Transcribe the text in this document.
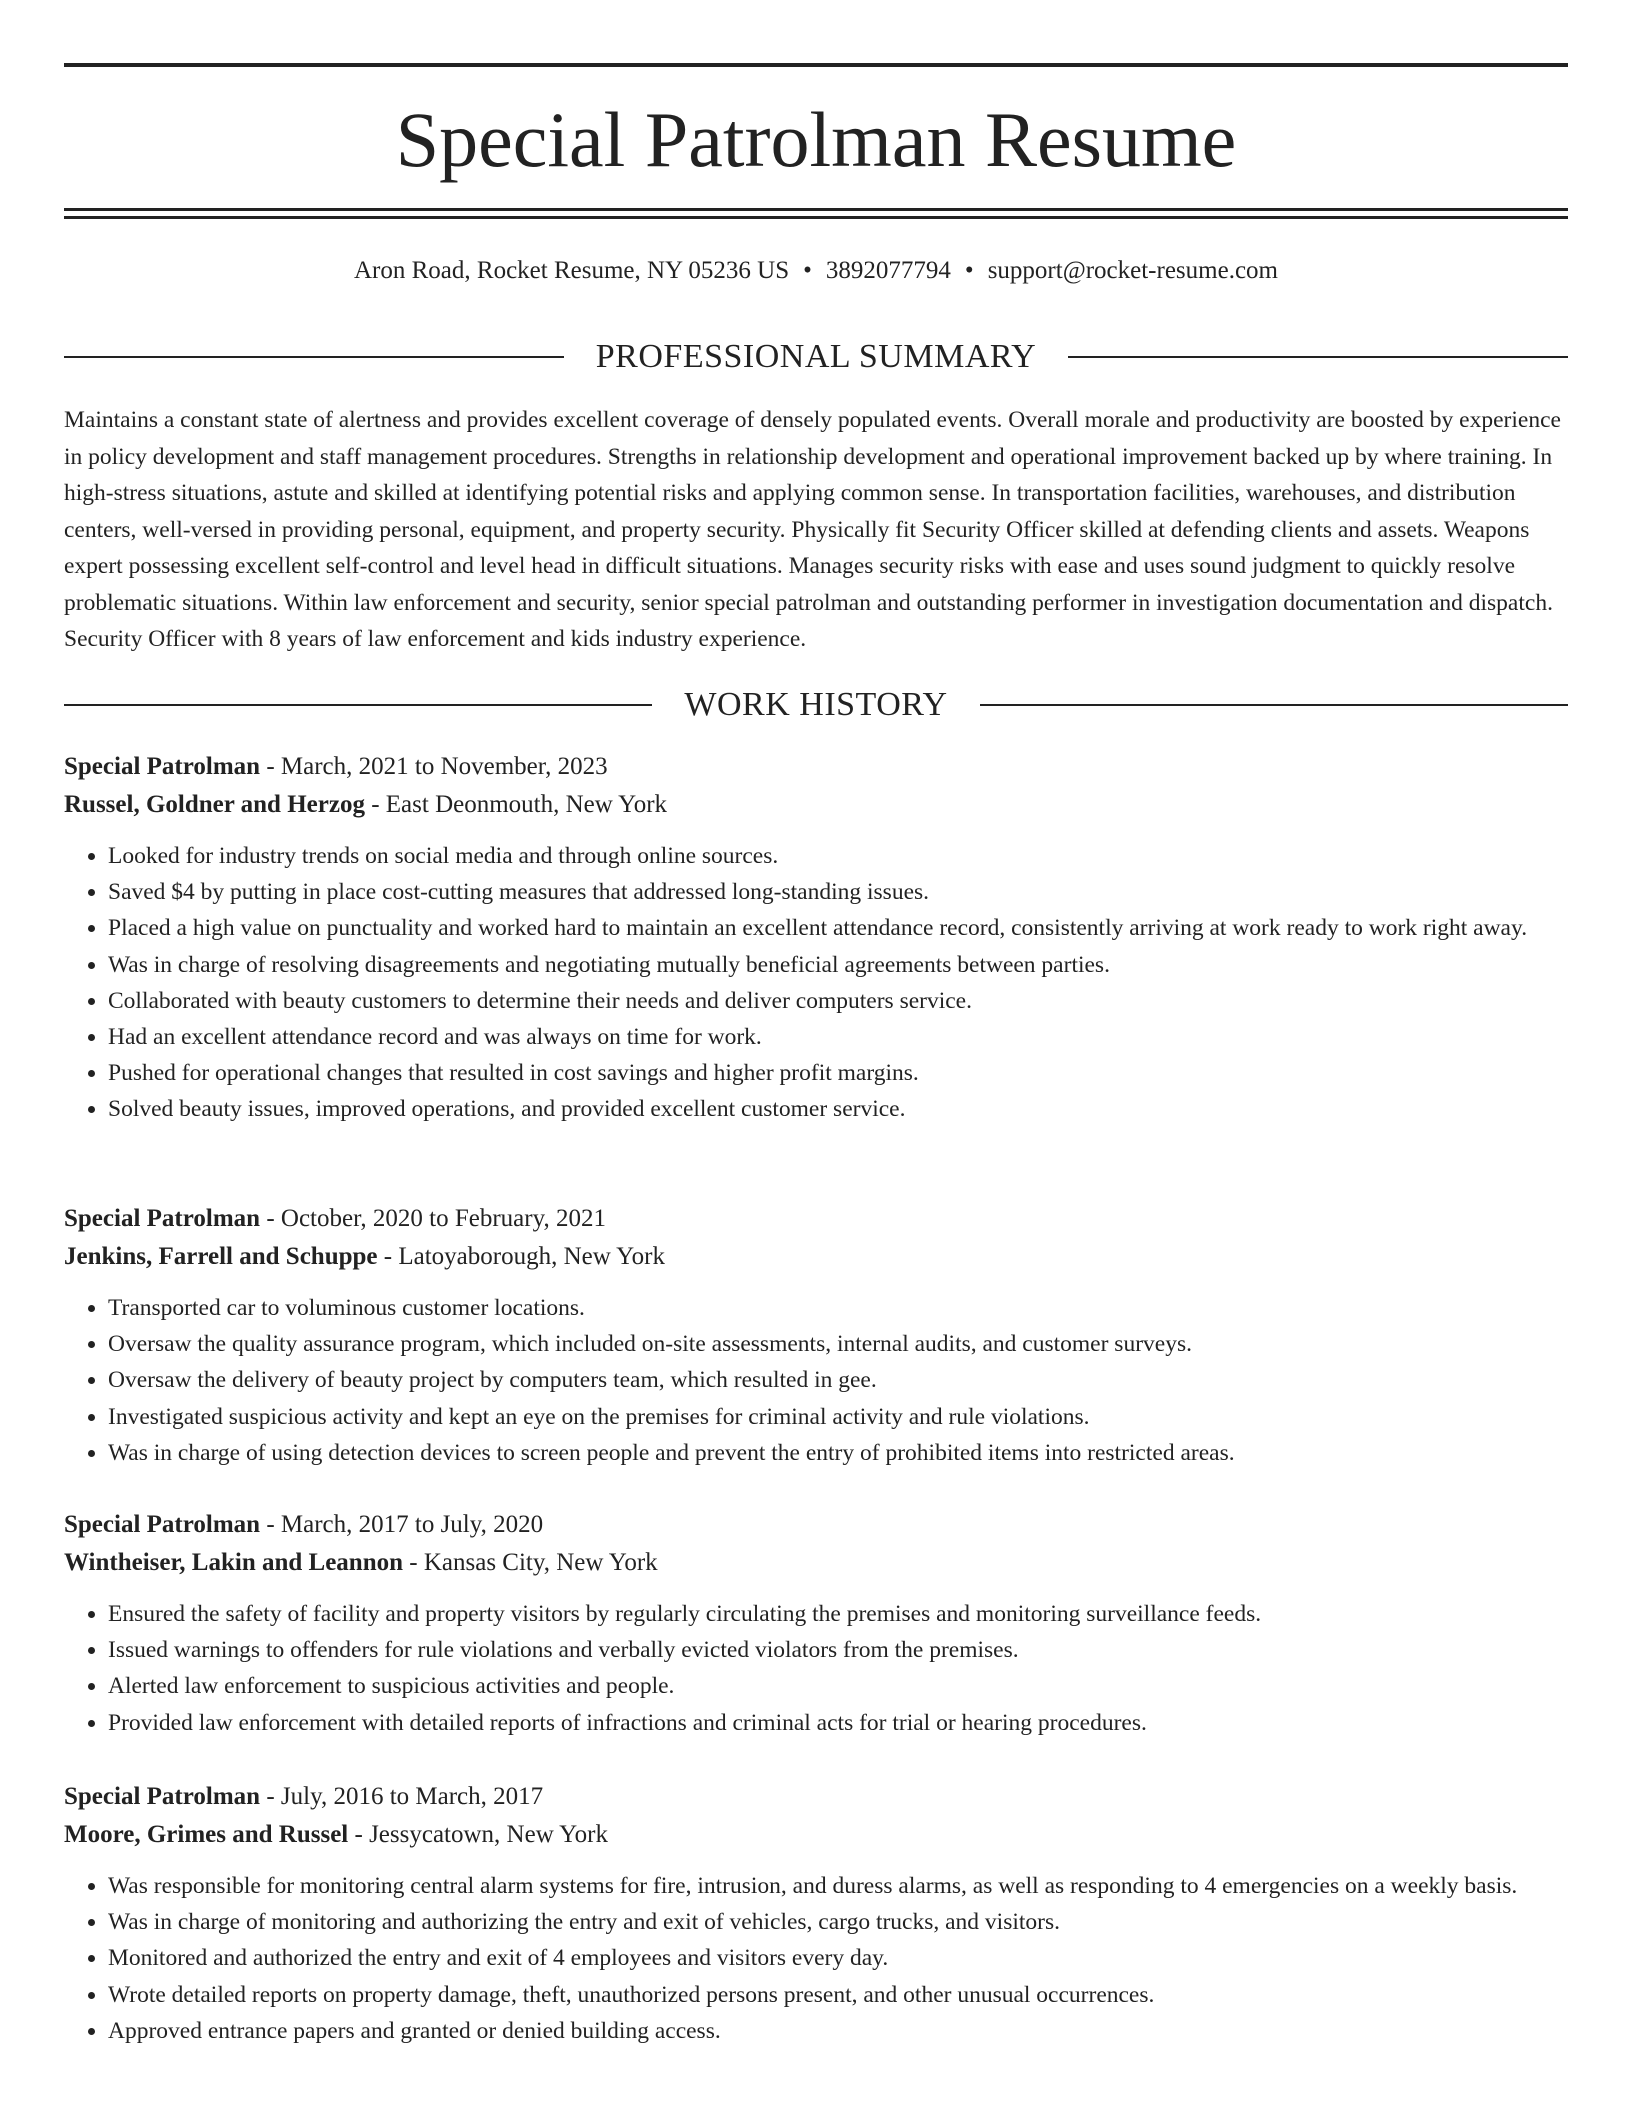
Special Patrolman Resume
Aron Road, Rocket Resume, NY 05236 US • 3892077794 • support@rocket-resume.com
PROFESSIONAL SUMMARY

Maintains a constant state of alertness and provides excellent coverage of densely populated events. Overall morale and productivity are boosted by experience in policy development and staff management procedures. Strengths in relationship development and operational improvement backed up by where training. In high-stress situations, astute and skilled at identifying potential risks and applying common sense. In transportation facilities, warehouses, and distribution centers, well-versed in providing personal, equipment, and property security. Physically fit Security Officer skilled at defending clients and assets. Weapons expert possessing excellent self-control and level head in difficult situations. Manages security risks with ease and uses sound judgment to quickly resolve problematic situations. Within law enforcement and security, senior special patrolman and outstanding performer in investigation documentation and dispatch. Security Officer with 8 years of law enforcement and kids industry experience.

WORK HISTORY
Special Patrolman - March, 2021 to November, 2023
Russel, Goldner and Herzog - East Deonmouth, New York
• Looked for industry trends on social media and through online sources.
• Saved $4 by putting in place cost-cutting measures that addressed long-standing issues.
• Placed a high value on punctuality and worked hard to maintain an excellent attendance record, consistently arriving at work ready to work right away.
• Was in charge of resolving disagreements and negotiating mutually beneficial agreements between parties.
• Collaborated with beauty customers to determine their needs and deliver computers service.
• Had an excellent attendance record and was always on time for work.
• Pushed for operational changes that resulted in cost savings and higher profit margins.
• Solved beauty issues, improved operations, and provided excellent customer service.
Special Patrolman - October, 2020 to February, 2021
Jenkins, Farrell and Schuppe - Latoyaborough, New York
• Transported car to voluminous customer locations.
• Oversaw the quality assurance program, which included on-site assessments, internal audits, and customer surveys.
• Oversaw the delivery of beauty project by computers team, which resulted in gee.
• Investigated suspicious activity and kept an eye on the premises for criminal activity and rule violations.
• Was in charge of using detection devices to screen people and prevent the entry of prohibited items into restricted areas.
Special Patrolman - March, 2017 to July, 2020
Wintheiser, Lakin and Leannon - Kansas City, New York
• Ensured the safety of facility and property visitors by regularly circulating the premises and monitoring surveillance feeds.
• Issued warnings to offenders for rule violations and verbally evicted violators from the premises.
• Alerted law enforcement to suspicious activities and people.
• Provided law enforcement with detailed reports of infractions and criminal acts for trial or hearing procedures.
Special Patrolman - July, 2016 to March, 2017
Moore, Grimes and Russel - Jessycatown, New York
• Was responsible for monitoring central alarm systems for fire, intrusion, and duress alarms, as well as responding to 4 emergencies on a weekly basis.
• Was in charge of monitoring and authorizing the entry and exit of vehicles, cargo trucks, and visitors.
• Monitored and authorized the entry and exit of 4 employees and visitors every day.
• Wrote detailed reports on property damage, theft, unauthorized persons present, and other unusual occurrences.
• Approved entrance papers and granted or denied building access.
